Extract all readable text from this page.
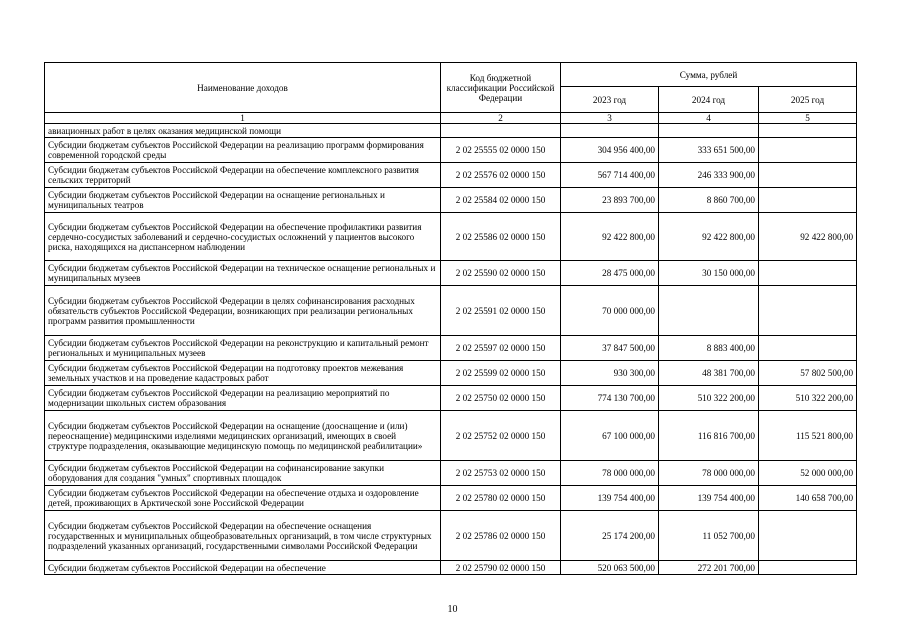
Наименование доходов	Код бюджетной классификации Российской Федерации	Сумма, рублей		
		2023 год	2024 год	2025 год
1	2	3	4	5
авиационных работ в целях оказания медицинской помощи				
Субсидии бюджетам субъектов Российской Федерации на реализацию программ формирования современной городской среды	2 02 25555 02 0000 150	304 956 400,00	333 651 500,00	
Субсидии бюджетам субъектов Российской Федерации на обеспечение комплексного развития сельских территорий	2 02 25576 02 0000 150	567 714 400,00	246 333 900,00	
Субсидии бюджетам субъектов Российской Федерации на оснащение региональных и муниципальных театров	2 02 25584 02 0000 150	23 893 700,00	8 860 700,00	
Субсидии бюджетам субъектов Российской Федерации на обеспечение профилактики развития сердечно-сосудистых заболеваний и сердечно-сосудистых осложнений у пациентов высокого риска, находящихся на диспансерном наблюдении	2 02 25586 02 0000 150	92 422 800,00	92 422 800,00	92 422 800,00
Субсидии бюджетам субъектов Российской Федерации на техническое оснащение региональных и муниципальных музеев	2 02 25590 02 0000 150	28 475 000,00	30 150 000,00	
Субсидии бюджетам субъектов Российской Федерации в целях софинансирования расходных обязательств субъектов Российской Федерации, возникающих при реализации региональных программ развития промышленности	2 02 25591 02 0000 150	70 000 000,00		
Субсидии бюджетам субъектов Российской Федерации на реконструкцию и капитальный ремонт региональных и муниципальных музеев	2 02 25597 02 0000 150	37 847 500,00	8 883 400,00	
Субсидии бюджетам субъектов Российской Федерации на подготовку проектов межевания земельных участков и на проведение кадастровых работ	2 02 25599 02 0000 150	930 300,00	48 381 700,00	57 802 500,00
Субсидии бюджетам субъектов Российской Федерации на реализацию мероприятий по модернизации школьных систем образования	2 02 25750 02 0000 150	774 130 700,00	510 322 200,00	510 322 200,00
Субсидии бюджетам субъектов Российской Федерации на оснащение (дооснащение и (или) переоснащение) медицинскими изделиями медицинских организаций, имеющих в своей структуре подразделения, оказывающие медицинскую помощь по медицинской реабилитации»	2 02 25752 02 0000 150	67 100 000,00	116 816 700,00	115 521 800,00
Субсидии бюджетам субъектов Российской Федерации на софинансирование закупки оборудования для создания "умных" спортивных площадок	2 02 25753 02 0000 150	78 000 000,00	78 000 000,00	52 000 000,00
Субсидии бюджетам субъектов Российской Федерации на обеспечение отдыха и оздоровление детей, проживающих в Арктической зоне Российской Федерации	2 02 25780 02 0000 150	139 754 400,00	139 754 400,00	140 658 700,00
Субсидии бюджетам субъектов Российской Федерации на обеспечение оснащения государственных и муниципальных общеобразовательных организаций, в том числе структурных подразделений указанных организаций, государственными символами Российской Федерации	2 02 25786 02 0000 150	25 174 200,00	11 052 700,00	
Субсидии бюджетам субъектов Российской Федерации на обеспечение	2 02 25790 02 0000 150	520 063 500,00	272 201 700,00	
10
